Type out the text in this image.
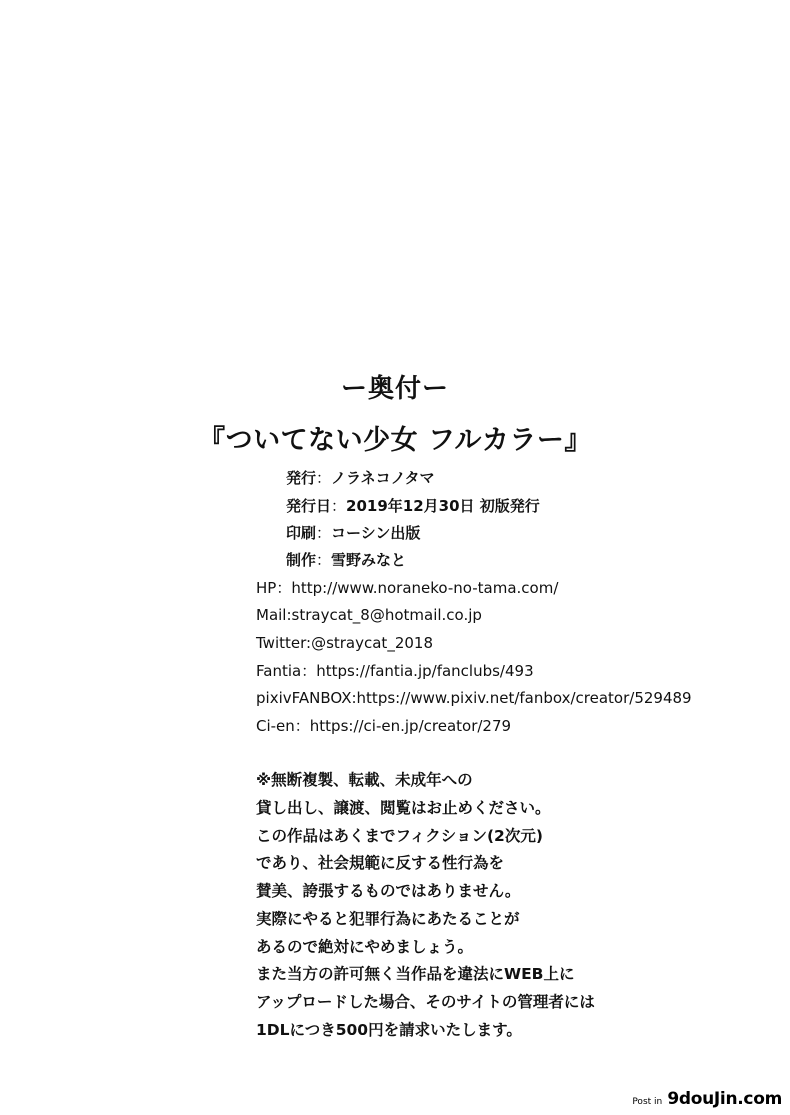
ー奥付ー
『ついてない少女 フルカラー』
発行：ノラネコノタマ
発行日：2019年12月30日 初版発行
印刷：コーシン出版
制作：雪野みなと
HP：http://www.noraneko-no-tama.com/
Mail:straycat_8@hotmail.co.jp
Twitter:@straycat_2018
Fantia：https://fantia.jp/fanclubs/493
pixivFANBOX:https://www.pixiv.net/fanbox/creator/529489
Ci-en：https://ci-en.jp/creator/279
※無断複製、転載、未成年への
貸し出し、譲渡、閲覧はお止めください。
この作品はあくまでフィクション(2次元)
であり、社会規範に反する性行為を
賛美、誇張するものではありません。
実際にやると犯罪行為にあたることが
あるので絶対にやめましょう。
また当方の許可無く当作品を違法にWEB上に
アップロードした場合、そのサイトの管理者には
1DLにつき500円を請求いたします。
Post in 9douJin.com
